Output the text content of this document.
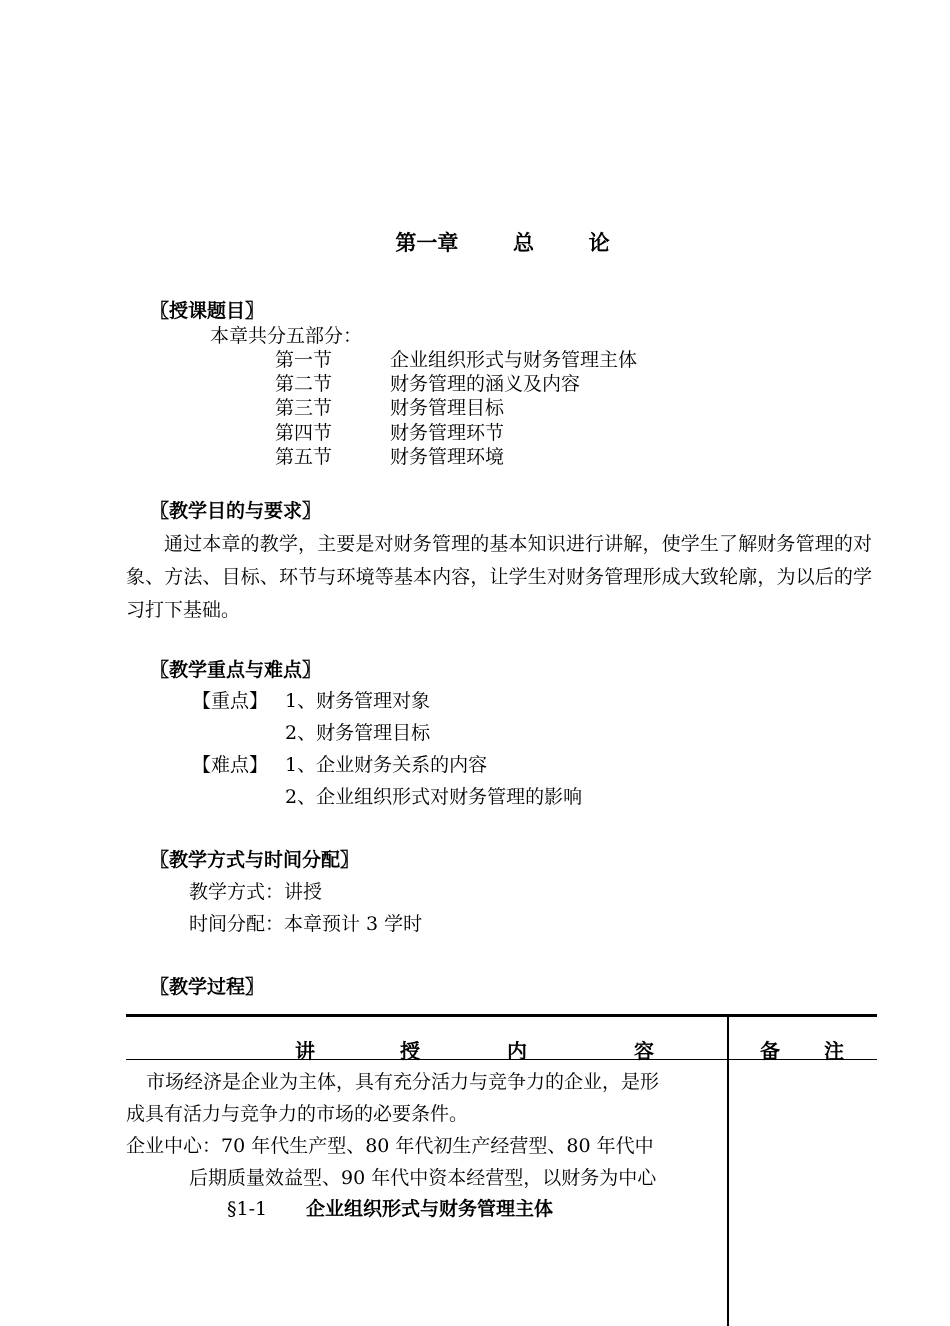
第一章	总	论
〖授课题目〗
本章共分五部分：
第一节	企业组织形式与财务管理主体
第二节	财务管理的涵义及内容
第三节	财务管理目标
第四节	财务管理环节
第五节	财务管理环境
〖教学目的与要求〗
通过本章的教学，主要是对财务管理的基本知识进行讲解，使学生了解财务管理的对象、方法、目标、环节与环境等基本内容，让学生对财务管理形成大致轮廓，为以后的学习打下基础。
〖教学重点与难点〗
【重点】 1、财务管理对象
2、财务管理目标
【难点】 1、企业财务关系的内容
2、企业组织形式对财务管理的影响
〖教学方式与时间分配〗
教学方式：讲授
时间分配：本章预计 3 学时
〖教学过程〗
讲	授	内	容	备 注
市场经济是企业为主体，具有充分活力与竞争力的企业，是形
成具有活力与竞争力的市场的必要条件。
企业中心：70 年代生产型、80 年代初生产经营型、80 年代中
后期质量效益型、90 年代中资本经营型，以财务为中心
§1-1 企业组织形式与财务管理主体
